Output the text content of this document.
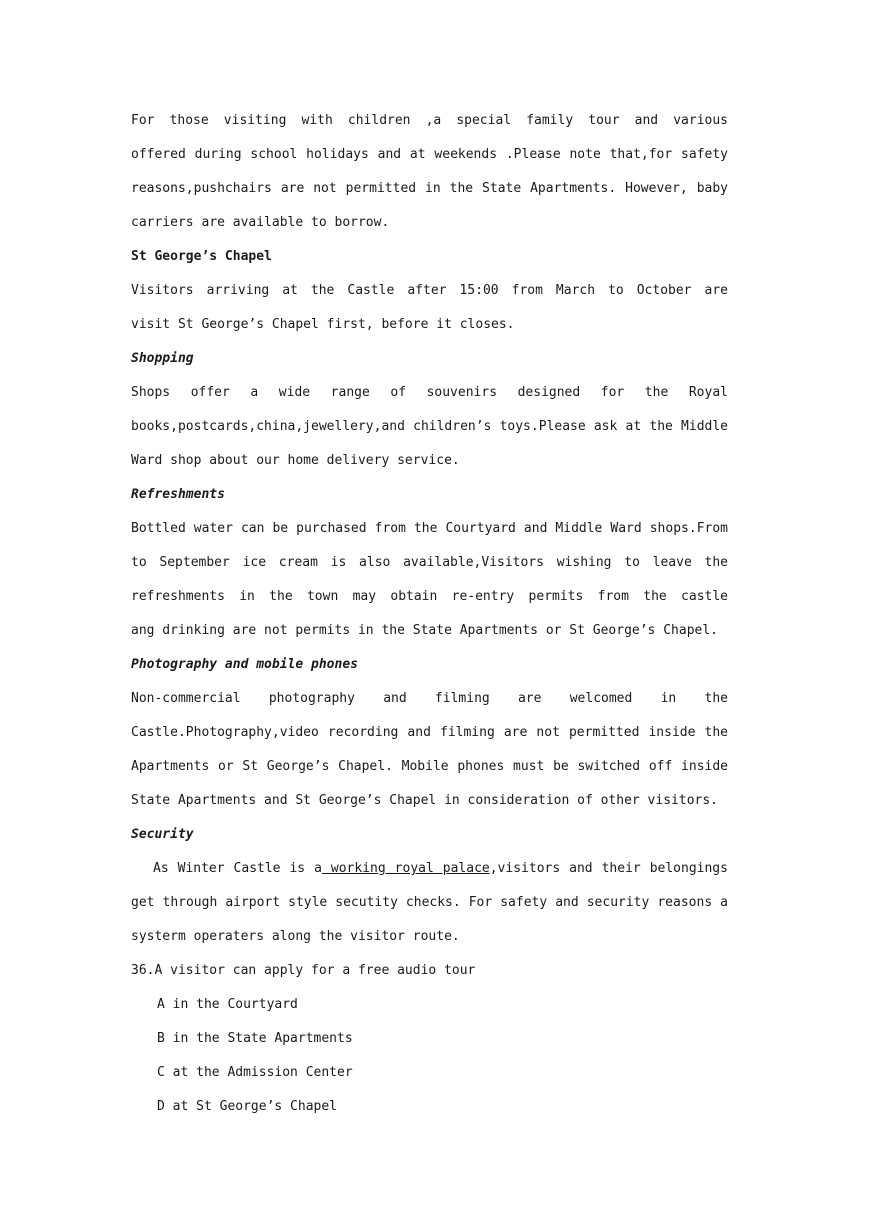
For those visiting with children ,a special family tour and various
offered during school holidays and at weekends .Please note that,for safety
reasons,pushchairs are not permitted in the State Apartments. However, baby
carriers are available to borrow.
St George’s Chapel
Visitors arriving at the Castle after 15:00 from March to October are
visit St George’s Chapel first, before it closes.
Shopping
Shops offer a wide range of souvenirs designed for the Royal
books,postcards,china,jewellery,and children’s toys.Please ask at the Middle
Ward shop about our home delivery service.
Refreshments
Bottled water can be purchased from the Courtyard and Middle Ward shops.From
to September ice cream is also available,Visitors wishing to leave the
refreshments in the town may obtain re-entry permits from the castle
ang drinking are not permits in the State Apartments or St George’s Chapel.
Photography and mobile phones
Non-commercial photography and filming are welcomed in the
Castle.Photography,video recording and filming are not permitted inside the
Apartments or St George’s Chapel. Mobile phones must be switched off inside
State Apartments and St George’s Chapel in consideration of other visitors.
Security
As Winter Castle is a working royal palace,visitors and their belongings
get through airport style secutity checks. For safety and security reasons a
systerm operaters along the visitor route.
36.A visitor can apply for a free audio tour
A in the Courtyard
B in the State Apartments
C at the Admission Center
D at St George’s Chapel
